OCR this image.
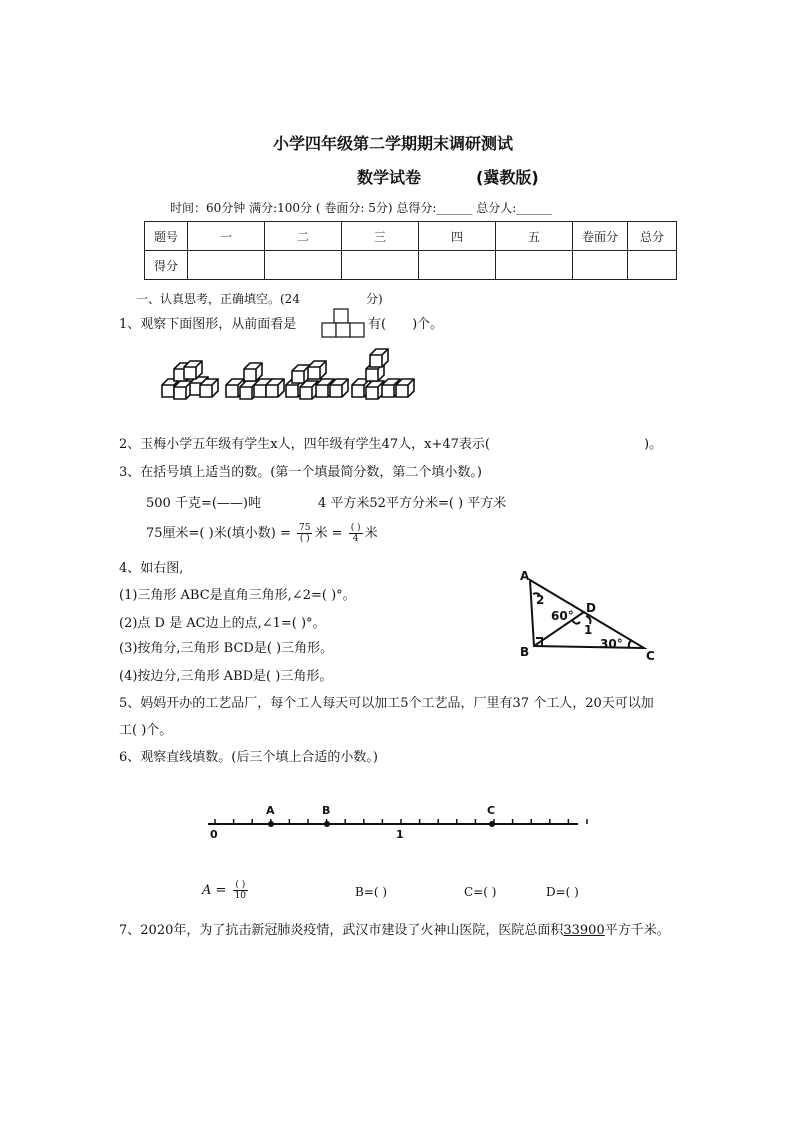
小学四年级第二学期期末调研测试
数学试卷	(冀教版)
时间：60分钟 满分:100分 ( 卷面分: 5分) 总得分:______ 总分人:______
题号	一	二	三	四	五	卷面分	总分
得分							
一、认真思考，正确填空。(24	分)
1、观察下面图形，从前面看是	有(　　)个。
2、玉梅小学五年级有学生x人，四年级有学生47人，x+47表示(	)。
3、在括号填上适当的数。(第一个填最简分数，第二个填小数。)
500 千克=(——)吨	4 平方米52平方分米=( ) 平方米
75厘米=( )米(填小数) = $\frac{75}{( )}$ 米 = $\frac{( )}{4}$ 米
4、如右图,
(1)三角形 ABC是直角三角形,∠2=( )°。
(2)点 D 是 AC边上的点,∠1=( )°。
(3)按角分,三角形 BCD是( )三角形。
(4)按边分,三角形 ABD是( )三角形。
A
2
60°
D
1
30°
B	C
5、妈妈开办的工艺品厂，每个工人每天可以加工5个工艺品，厂里有37 个工人，20天可以加
工( )个。
6、观察直线填数。(后三个填上合适的小数。)
A	B	C
0	1
$A = \frac{( )}{10}$	B=( )	C=( )	D=( )
7、2020年，为了抗击新冠肺炎疫情，武汉市建设了火神山医院，医院总面积33900平方千米。
